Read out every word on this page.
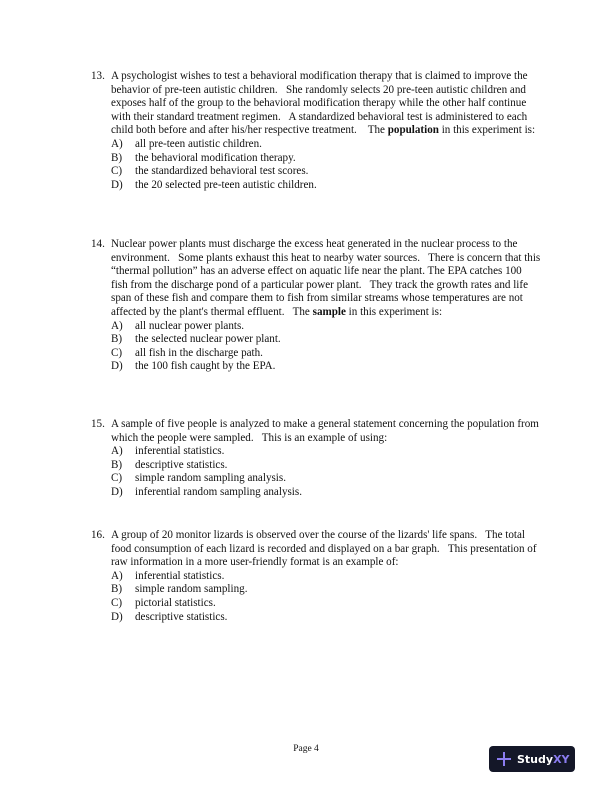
13. A psychologist wishes to test a behavioral modification therapy that is claimed to improve the behavior of pre-teen autistic children.   She randomly selects 20 pre-teen autistic children and exposes half of the group to the behavioral modification therapy while the other half continue with their standard treatment regimen.   A standardized behavioral test is administered to each child both before and after his/her respective treatment.    The population in this experiment is:
A) all pre-teen autistic children.
B) the behavioral modification therapy.
C) the standardized behavioral test scores.
D) the 20 selected pre-teen autistic children.
14. Nuclear power plants must discharge the excess heat generated in the nuclear process to the environment.   Some plants exhaust this heat to nearby water sources.   There is concern that this “thermal pollution” has an adverse effect on aquatic life near the plant. The EPA catches 100 fish from the discharge pond of a particular power plant.   They track the growth rates and life span of these fish and compare them to fish from similar streams whose temperatures are not affected by the plant's thermal effluent.   The sample in this experiment is:
A) all nuclear power plants.
B) the selected nuclear power plant.
C) all fish in the discharge path.
D) the 100 fish caught by the EPA.
15. A sample of five people is analyzed to make a general statement concerning the population from which the people were sampled.   This is an example of using:
A) inferential statistics.
B) descriptive statistics.
C) simple random sampling analysis.
D) inferential random sampling analysis.
16. A group of 20 monitor lizards is observed over the course of the lizards' life spans.   The total food consumption of each lizard is recorded and displayed on a bar graph.   This presentation of raw information in a more user-friendly format is an example of:
A) inferential statistics.
B) simple random sampling.
C) pictorial statistics.
D) descriptive statistics.
Page 4
Study XY
